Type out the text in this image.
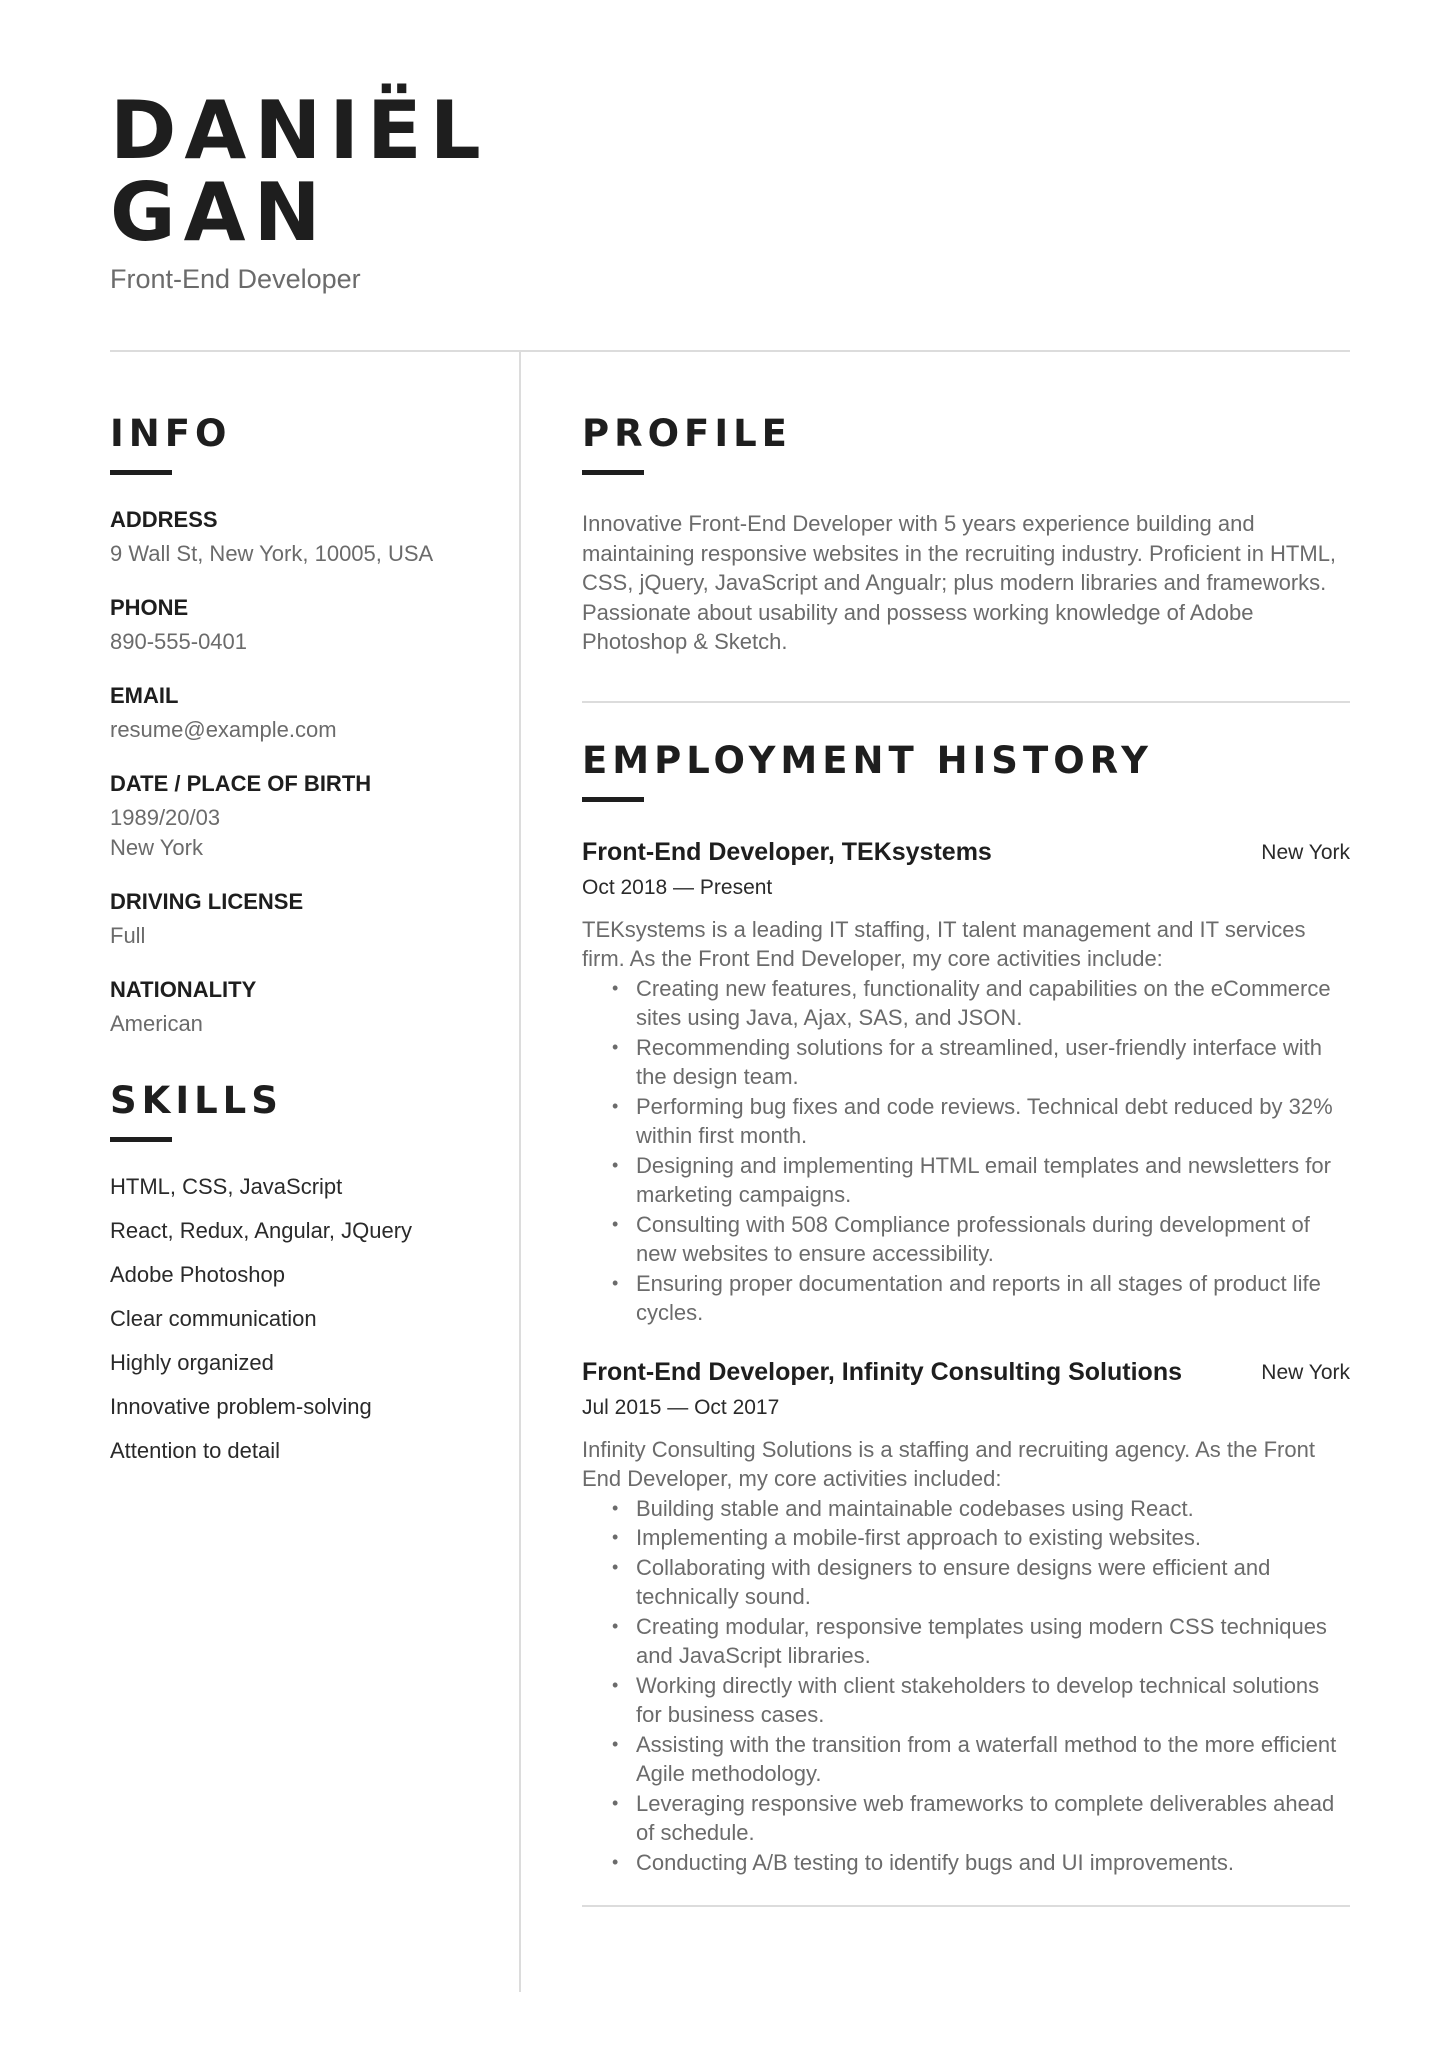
DANIËL
GAN
Front-End Developer
INFO
ADDRESS
9 Wall St, New York, 10005, USA
PHONE
890-555-0401
EMAIL
resume@example.com
DATE / PLACE OF BIRTH
1989/20/03
New York
DRIVING LICENSE
Full
NATIONALITY
American
SKILLS
HTML, CSS, JavaScript
React, Redux, Angular, JQuery
Adobe Photoshop
Clear communication
Highly organized
Innovative problem-solving
Attention to detail
PROFILE

Innovative Front-End Developer with 5 years experience building and maintaining responsive websites in the recruiting industry. Proficient in HTML, CSS, jQuery, JavaScript and Angualr; plus modern libraries and frameworks. Passionate about usability and possess working knowledge of Adobe Photoshop & Sketch.

EMPLOYMENT HISTORY
Front-End Developer, TEKsystems	New York
Oct 2018 — Present

TEKsystems is a leading IT staffing, IT talent management and IT services firm. As the Front End Developer, my core activities include:

• Creating new features, functionality and capabilities on the eCommerce sites using Java, Ajax, SAS, and JSON.
• Recommending solutions for a streamlined, user-friendly interface with the design team.
• Performing bug fixes and code reviews. Technical debt reduced by 32% within first month.
• Designing and implementing HTML email templates and newsletters for marketing campaigns.
• Consulting with 508 Compliance professionals during development of new websites to ensure accessibility.
• Ensuring proper documentation and reports in all stages of product life cycles.
Front-End Developer, Infinity Consulting Solutions	New York
Jul 2015 — Oct 2017

Infinity Consulting Solutions is a staffing and recruiting agency. As the Front End Developer, my core activities included:

• Building stable and maintainable codebases using React.
• Implementing a mobile-first approach to existing websites.
• Collaborating with designers to ensure designs were efficient and technically sound.
• Creating modular, responsive templates using modern CSS techniques and JavaScript libraries.
• Working directly with client stakeholders to develop technical solutions for business cases.
• Assisting with the transition from a waterfall method to the more efficient Agile methodology.
• Leveraging responsive web frameworks to complete deliverables ahead of schedule.
• Conducting A/B testing to identify bugs and UI improvements.
